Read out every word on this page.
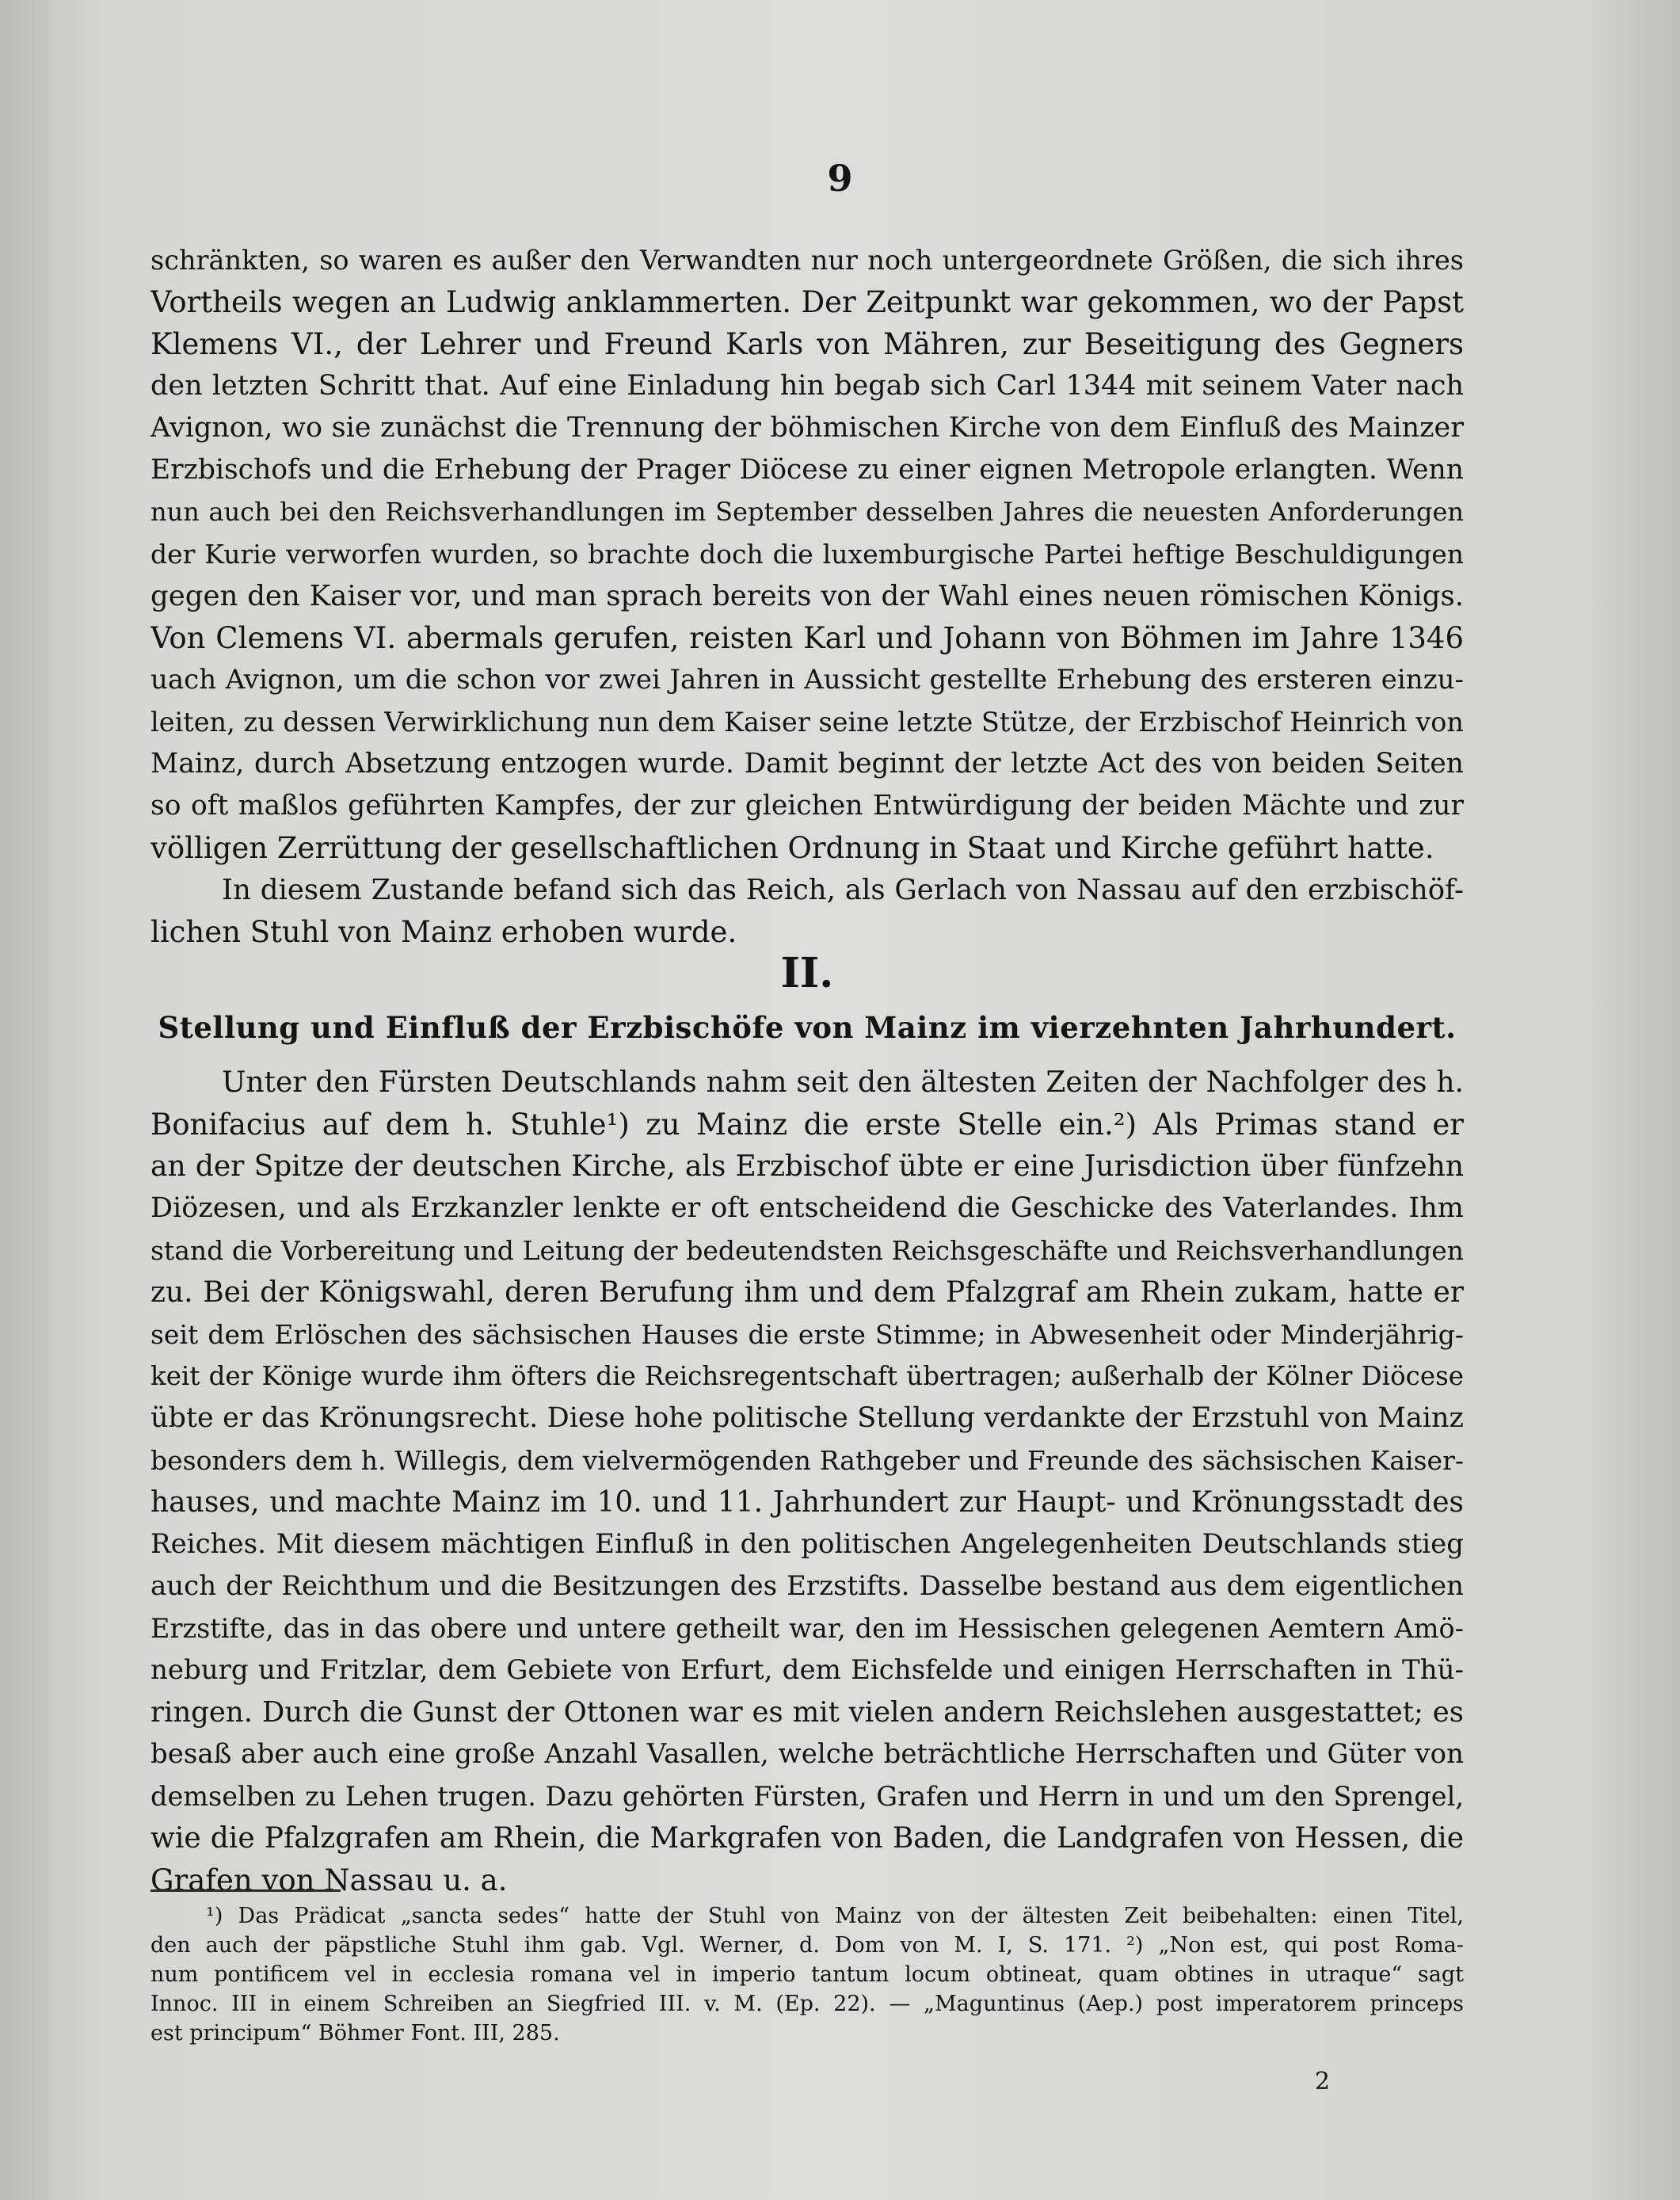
9
schränkten, so waren es außer den Verwandten nur noch untergeordnete Größen, die sich ihres
Vortheils wegen an Ludwig anklammerten. Der Zeitpunkt war gekommen, wo der Papst
Klemens VI., der Lehrer und Freund Karls von Mähren, zur Beseitigung des Gegners
den letzten Schritt that. Auf eine Einladung hin begab sich Carl 1344 mit seinem Vater nach
Avignon, wo sie zunächst die Trennung der böhmischen Kirche von dem Einfluß des Mainzer
Erzbischofs und die Erhebung der Prager Diöcese zu einer eignen Metropole erlangten. Wenn
nun auch bei den Reichsverhandlungen im September desselben Jahres die neuesten Anforderungen
der Kurie verworfen wurden, so brachte doch die luxemburgische Partei heftige Beschuldigungen
gegen den Kaiser vor, und man sprach bereits von der Wahl eines neuen römischen Königs.
Von Clemens VI. abermals gerufen, reisten Karl und Johann von Böhmen im Jahre 1346
uach Avignon, um die schon vor zwei Jahren in Aussicht gestellte Erhebung des ersteren einzu-
leiten, zu dessen Verwirklichung nun dem Kaiser seine letzte Stütze, der Erzbischof Heinrich von
Mainz, durch Absetzung entzogen wurde. Damit beginnt der letzte Act des von beiden Seiten
so oft maßlos geführten Kampfes, der zur gleichen Entwürdigung der beiden Mächte und zur
völligen Zerrüttung der gesellschaftlichen Ordnung in Staat und Kirche geführt hatte.
In diesem Zustande befand sich das Reich, als Gerlach von Nassau auf den erzbischöf-
lichen Stuhl von Mainz erhoben wurde.
II.
Stellung und Einfluß der Erzbischöfe von Mainz im vierzehnten Jahrhundert.
Unter den Fürsten Deutschlands nahm seit den ältesten Zeiten der Nachfolger des h.
Bonifacius auf dem h. Stuhle¹) zu Mainz die erste Stelle ein.²) Als Primas stand er
an der Spitze der deutschen Kirche, als Erzbischof übte er eine Jurisdiction über fünfzehn
Diözesen, und als Erzkanzler lenkte er oft entscheidend die Geschicke des Vaterlandes. Ihm
stand die Vorbereitung und Leitung der bedeutendsten Reichsgeschäfte und Reichsverhandlungen
zu. Bei der Königswahl, deren Berufung ihm und dem Pfalzgraf am Rhein zukam, hatte er
seit dem Erlöschen des sächsischen Hauses die erste Stimme; in Abwesenheit oder Minderjährig-
keit der Könige wurde ihm öfters die Reichsregentschaft übertragen; außerhalb der Kölner Diöcese
übte er das Krönungsrecht. Diese hohe politische Stellung verdankte der Erzstuhl von Mainz
besonders dem h. Willegis, dem vielvermögenden Rathgeber und Freunde des sächsischen Kaiser-
hauses, und machte Mainz im 10. und 11. Jahrhundert zur Haupt- und Krönungsstadt des
Reiches. Mit diesem mächtigen Einfluß in den politischen Angelegenheiten Deutschlands stieg
auch der Reichthum und die Besitzungen des Erzstifts. Dasselbe bestand aus dem eigentlichen
Erzstifte, das in das obere und untere getheilt war, den im Hessischen gelegenen Aemtern Amö-
neburg und Fritzlar, dem Gebiete von Erfurt, dem Eichsfelde und einigen Herrschaften in Thü-
ringen. Durch die Gunst der Ottonen war es mit vielen andern Reichslehen ausgestattet; es
besaß aber auch eine große Anzahl Vasallen, welche beträchtliche Herrschaften und Güter von
demselben zu Lehen trugen. Dazu gehörten Fürsten, Grafen und Herrn in und um den Sprengel,
wie die Pfalzgrafen am Rhein, die Markgrafen von Baden, die Landgrafen von Hessen, die
Grafen von Nassau u. a.
¹) Das Prädicat „sancta sedes“ hatte der Stuhl von Mainz von der ältesten Zeit beibehalten: einen Titel,
den auch der päpstliche Stuhl ihm gab. Vgl. Werner, d. Dom von M. I, S. 171. ²) „Non est, qui post Roma-
num pontificem vel in ecclesia romana vel in imperio tantum locum obtineat, quam obtines in utraque“ sagt
Innoc. III in einem Schreiben an Siegfried III. v. M. (Ep. 22). — „Maguntinus (Aep.) post imperatorem princeps
est principum“ Böhmer Font. III, 285.
2
